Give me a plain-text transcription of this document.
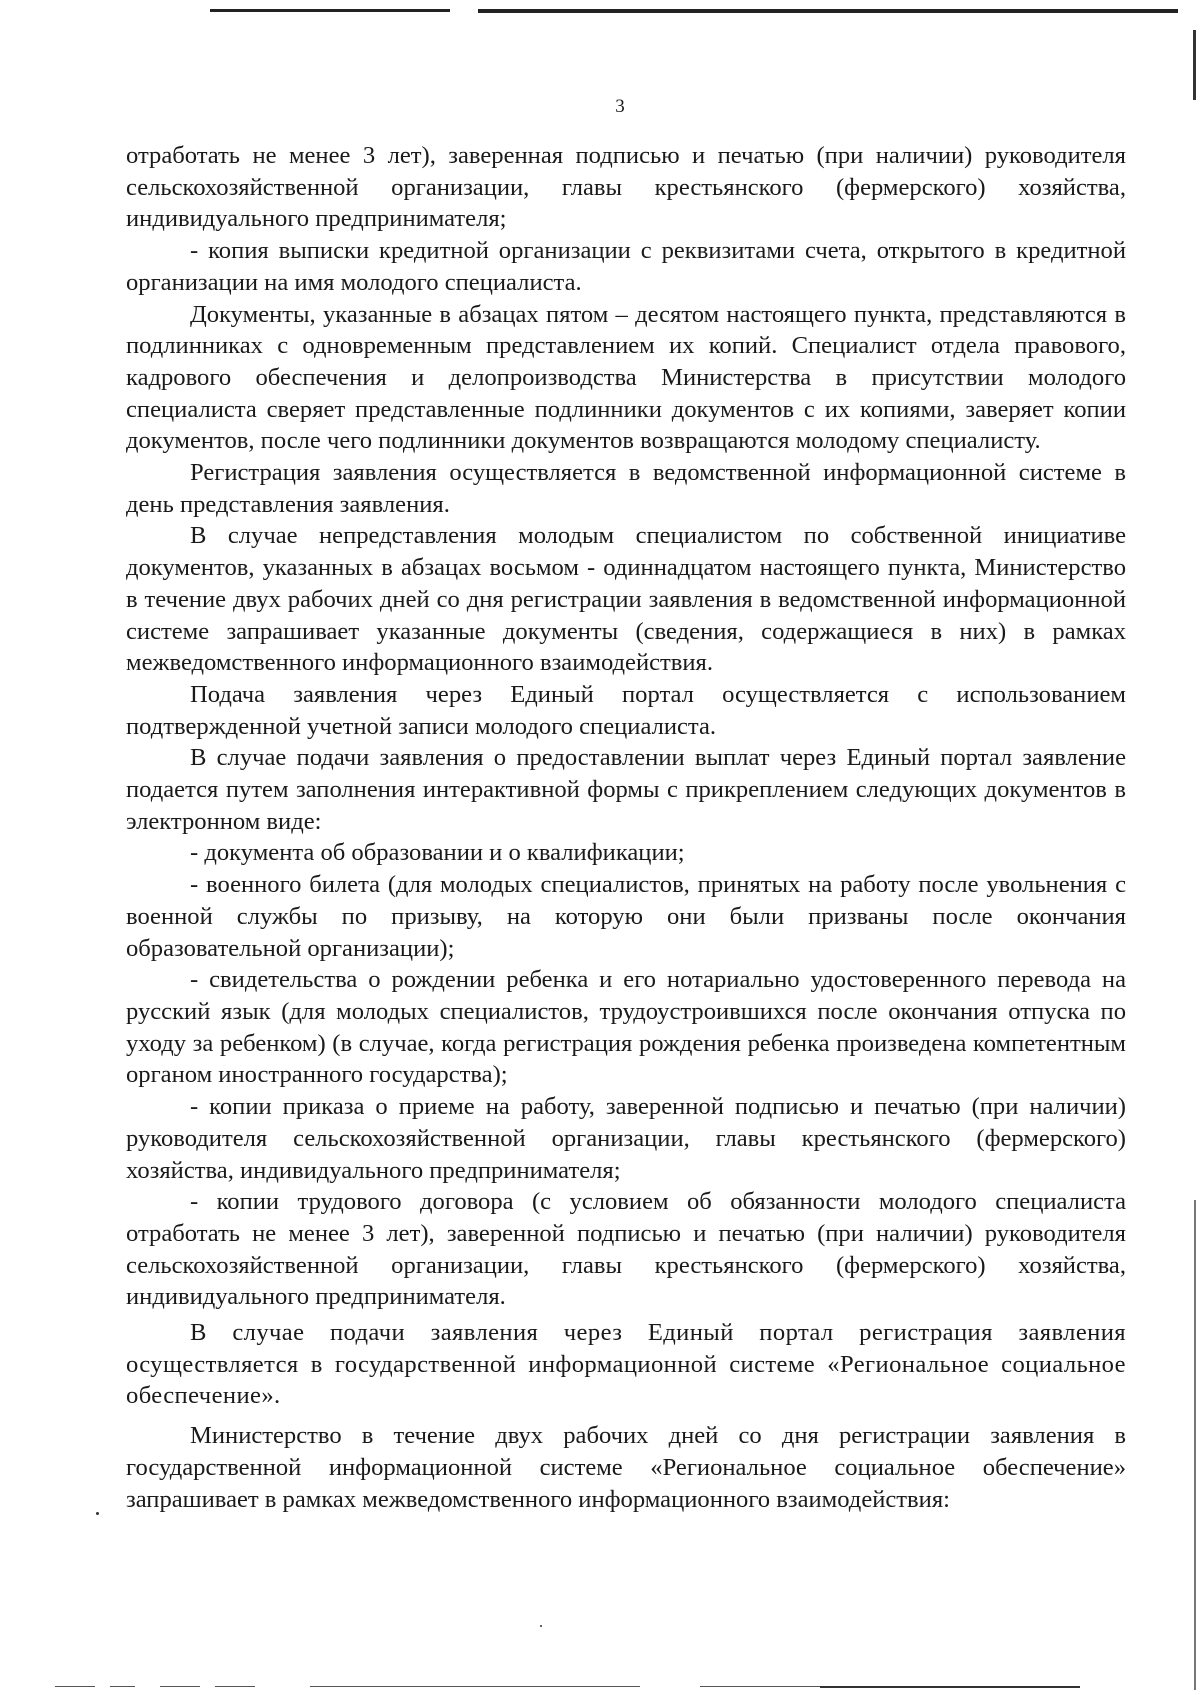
3

отработать не менее 3 лет), заверенная подписью и печатью (при наличии) руководителя сельскохозяйственной организации, главы крестьянского (фермерского) хозяйства, индивидуального предпринимателя;

- копия выписки кредитной организации с реквизитами счета, открытого в кредитной организации на имя молодого специалиста.

Документы, указанные в абзацах пятом – десятом настоящего пункта, представляются в подлинниках с одновременным представлением их копий. Специалист отдела правового, кадрового обеспечения и делопроизводства Министерства в присутствии молодого специалиста сверяет представленные подлинники документов с их копиями, заверяет копии документов, после чего подлинники документов возвращаются молодому специалисту.

Регистрация заявления осуществляется в ведомственной информационной системе в день представления заявления.

В случае непредставления молодым специалистом по собственной инициативе документов, указанных в абзацах восьмом - одиннадцатом настоящего пункта, Министерство в течение двух рабочих дней со дня регистрации заявления в ведомственной информационной системе запрашивает указанные документы (сведения, содержащиеся в них) в рамках межведомственного информационного взаимодействия.

Подача заявления через Единый портал осуществляется с использованием подтвержденной учетной записи молодого специалиста.

В случае подачи заявления о предоставлении выплат через Единый портал заявление подается путем заполнения интерактивной формы с прикреплением следующих документов в электронном виде:

- документа об образовании и о квалификации;

- военного билета (для молодых специалистов, принятых на работу после увольнения с военной службы по призыву, на которую они были призваны после окончания образовательной организации);

- свидетельства о рождении ребенка и его нотариально удостоверенного перевода на русский язык (для молодых специалистов, трудоустроившихся после окончания отпуска по уходу за ребенком) (в случае, когда регистрация рождения ребенка произведена компетентным органом иностранного государства);

- копии приказа о приеме на работу, заверенной подписью и печатью (при наличии) руководителя сельскохозяйственной организации, главы крестьянского (фермерского) хозяйства, индивидуального предпринимателя;

- копии трудового договора (с условием об обязанности молодого специалиста отработать не менее 3 лет), заверенной подписью и печатью (при наличии) руководителя сельскохозяйственной организации, главы крестьянского (фермерского) хозяйства, индивидуального предпринимателя.

В случае подачи заявления через Единый портал регистрация заявления осуществляется в государственной информационной системе «Региональное социальное обеспечение».

Министерство в течение двух рабочих дней со дня регистрации заявления в государственной информационной системе «Региональное социальное обеспечение» запрашивает в рамках межведомственного информационного взаимодействия:
